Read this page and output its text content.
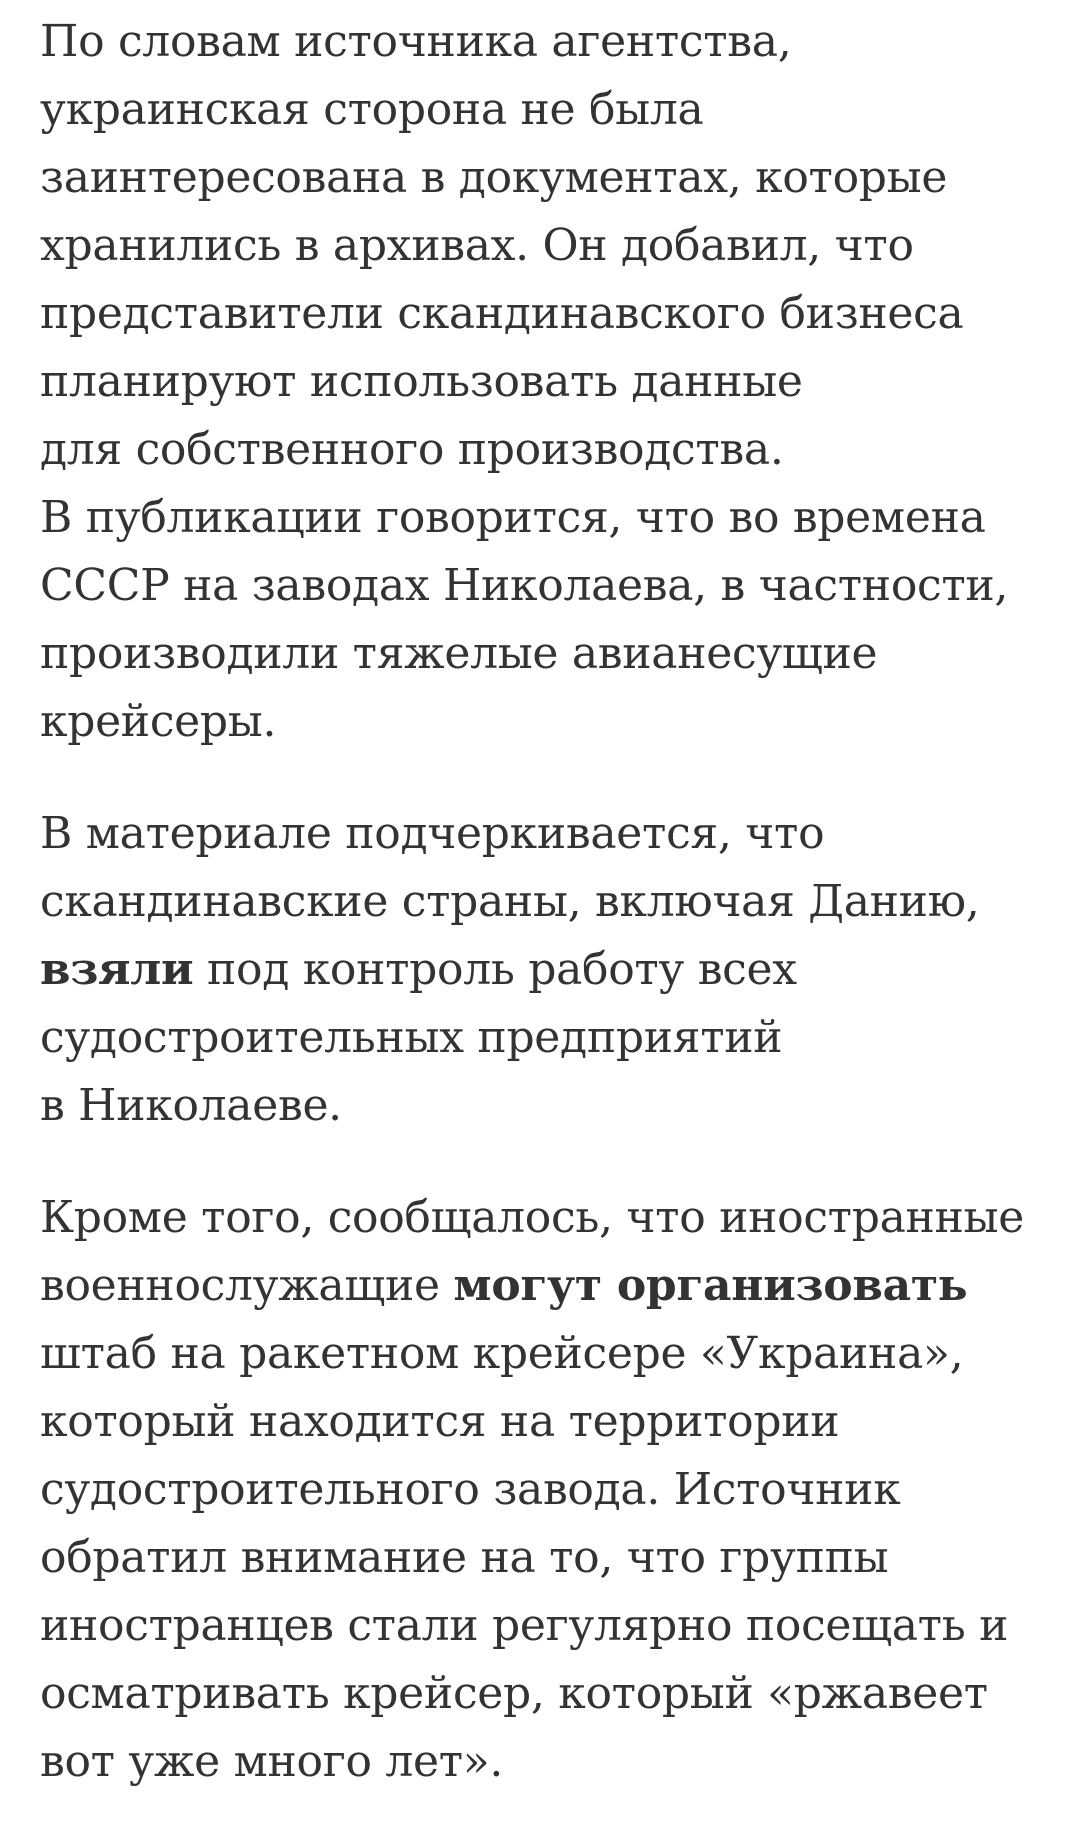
По словам источника агентства,
украинская сторона не была
заинтересована в документах, которые
хранились в архивах. Он добавил, что
представители скандинавского бизнеса
планируют использовать данные
для собственного производства.
В публикации говорится, что во времена
СССР на заводах Николаева, в частности,
производили тяжелые авианесущие
крейсеры.

В материале подчеркивается, что
скандинавские страны, включая Данию,
взяли под контроль работу всех
судостроительных предприятий
в Николаеве.

Кроме того, сообщалось, что иностранные
военнослужащие могут организовать
штаб на ракетном крейсере «Украина»,
который находится на территории
судостроительного завода. Источник
обратил внимание на то, что группы
иностранцев стали регулярно посещать и
осматривать крейсер, который «ржавеет
вот уже много лет».
